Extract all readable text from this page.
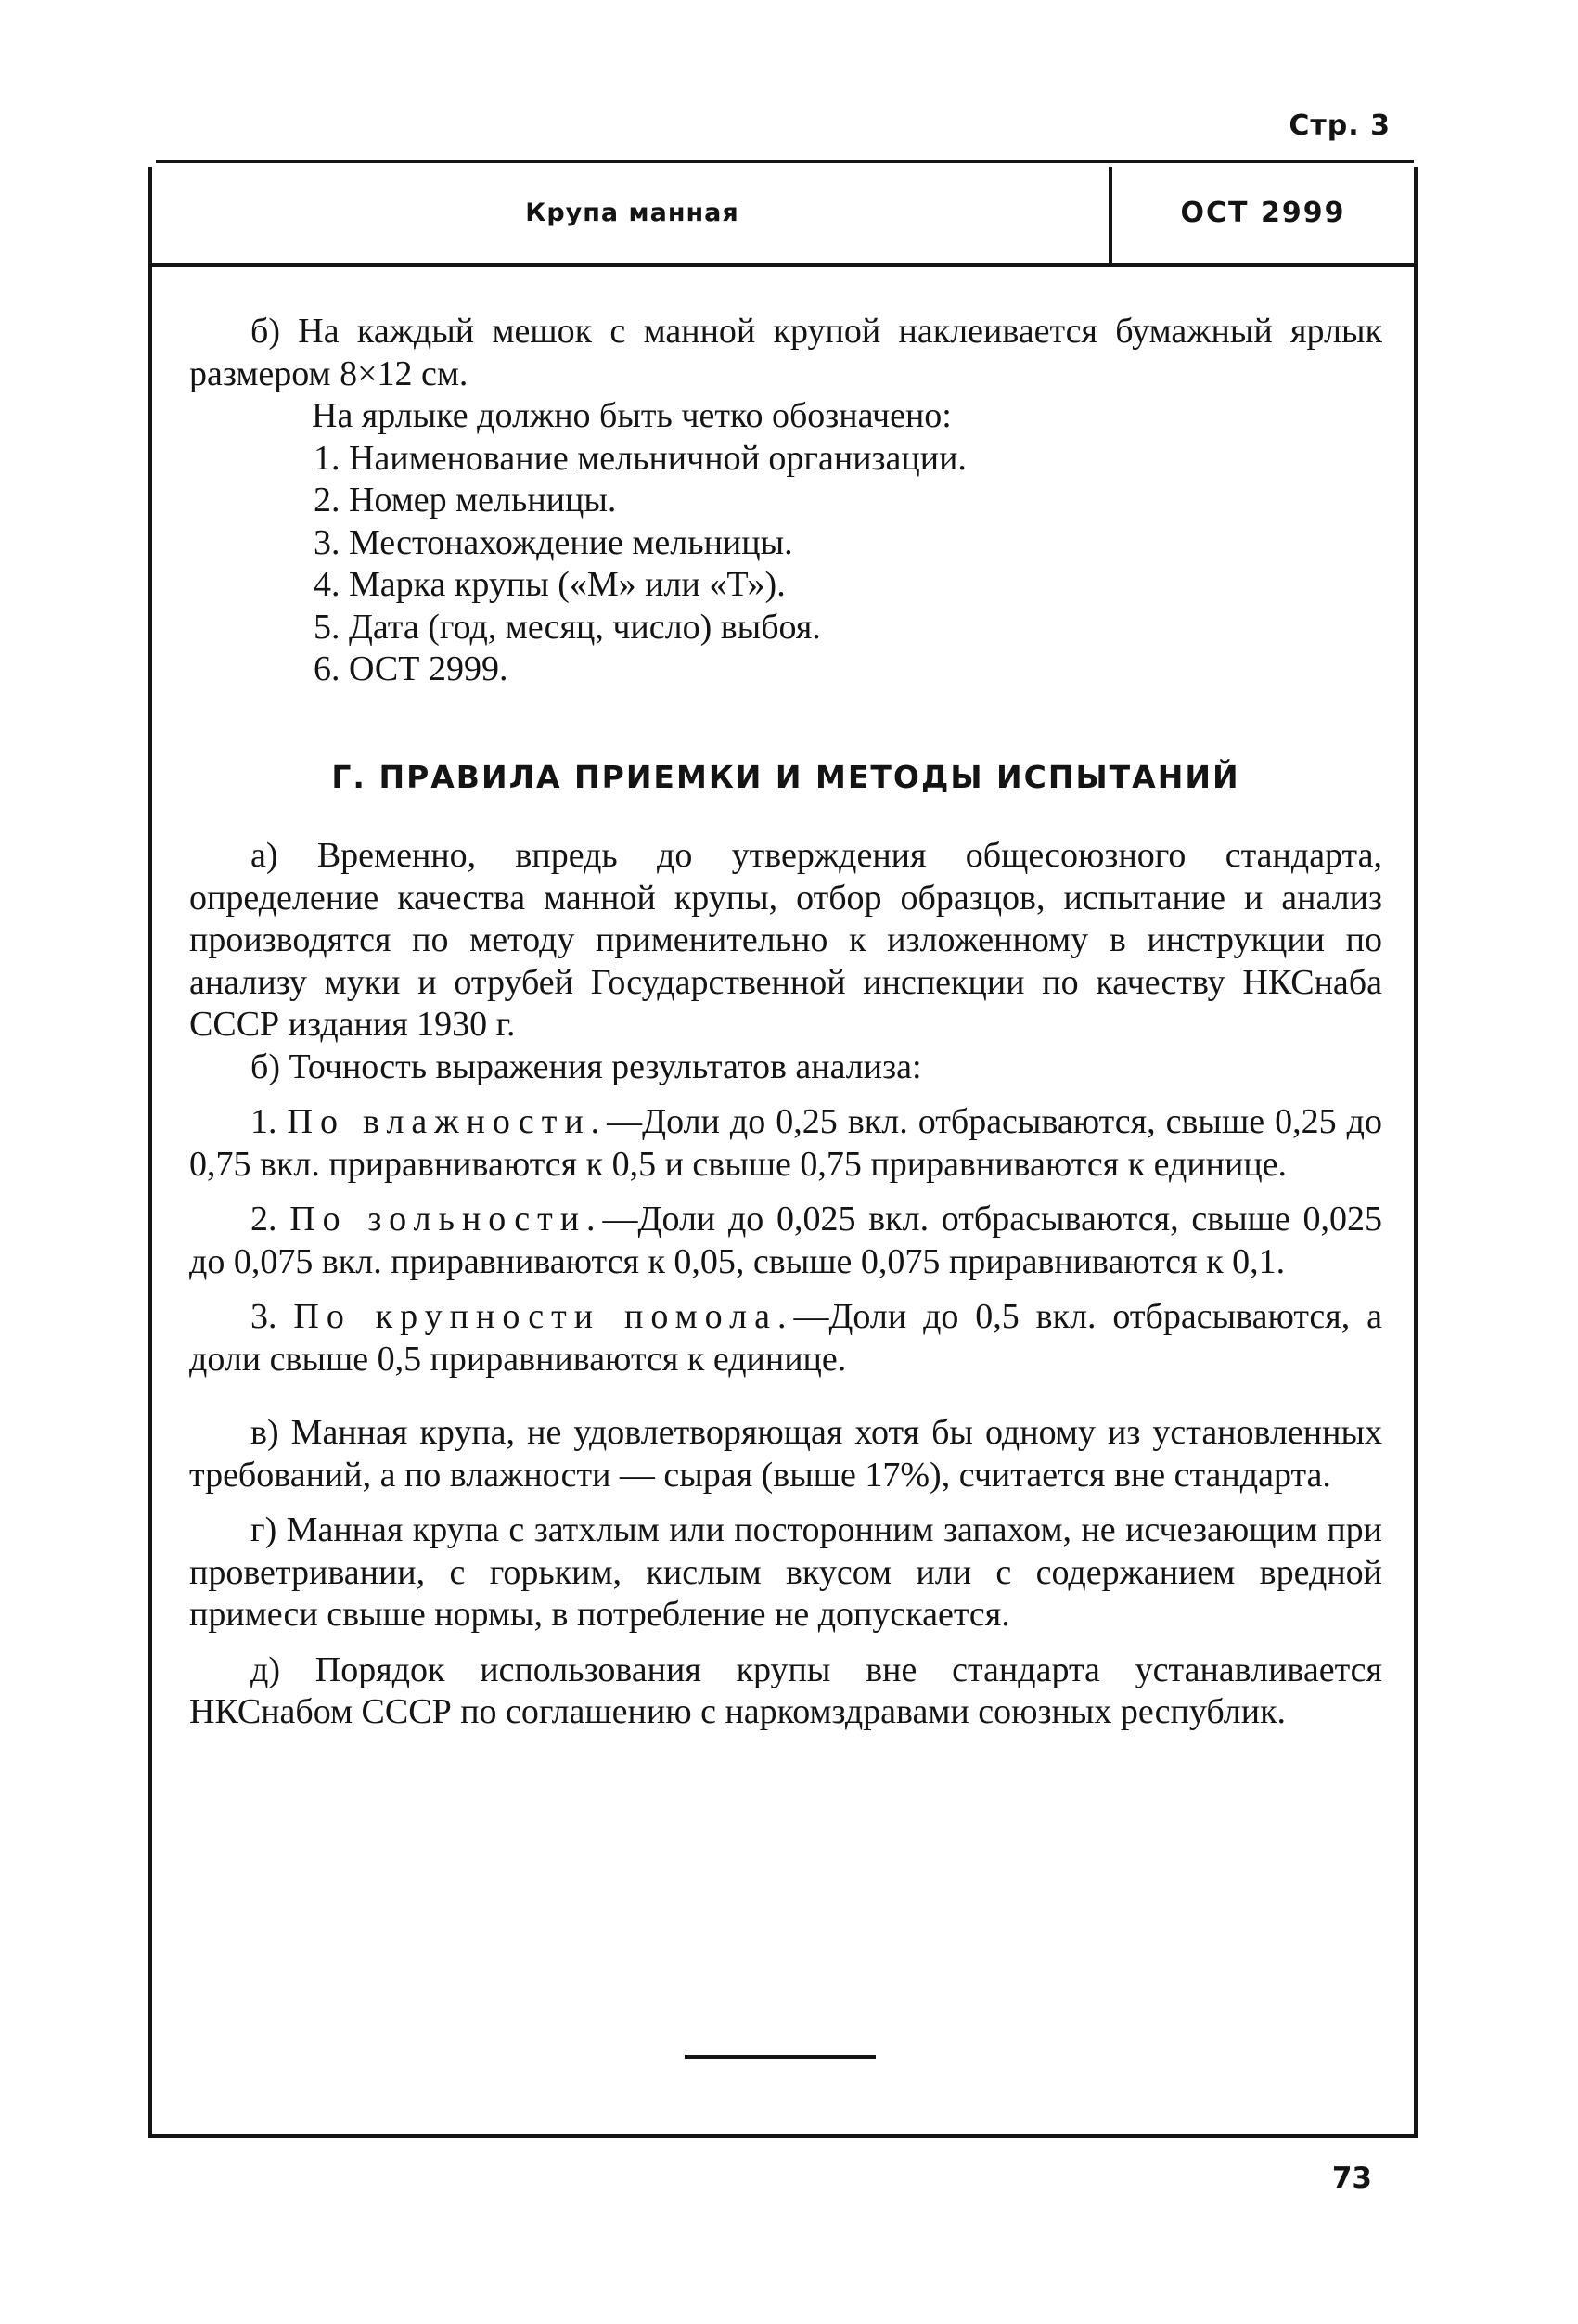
Стр. 3
Крупа манная	ОСТ 2999

б) На каждый мешок с манной крупой наклеивается бумажный ярлык размером 8×12 см.

На ярлыке должно быть четко обозначено:

1. Наименование мельничной организации.
2. Номер мельницы.
3. Местонахождение мельницы.
4. Марка крупы («М» или «Т»).
5. Дата (год, месяц, число) выбоя.
6. ОСТ 2999.

Г. ПРАВИЛА ПРИЕМКИ И МЕТОДЫ ИСПЫТАНИЙ

а) Временно, впредь до утверждения общесоюзного стандарта, определение качества манной крупы, отбор образцов, испытание и анализ производятся по методу применительно к изложенному в инструкции по анализу муки и отрубей Государственной инспекции по качеству НКСнаба СССР издания 1930 г.

б) Точность выражения результатов анализа:

1. По влажности.—Доли до 0,25 вкл. отбрасываются, свыше 0,25 до 0,75 вкл. приравниваются к 0,5 и свыше 0,75 приравниваются к единице.

2. По зольности.—Доли до 0,025 вкл. отбрасываются, свыше 0,025 до 0,075 вкл. приравниваются к 0,05, свыше 0,075 приравниваются к 0,1.

3. По крупности помола.—Доли до 0,5 вкл. отбрасываются, а доли свыше 0,5 приравниваются к единице.

в) Манная крупа, не удовлетворяющая хотя бы одному из установленных требований, а по влажности — сырая (выше 17%), считается вне стандарта.

г) Манная крупа с затхлым или посторонним запахом, не исчезающим при проветривании, с горьким, кислым вкусом или с содержанием вредной примеси свыше нормы, в потребление не допускается.

д) Порядок использования крупы вне стандарта устанавливается НКСнабом СССР по соглашению с наркомздравами союзных республик.

73
